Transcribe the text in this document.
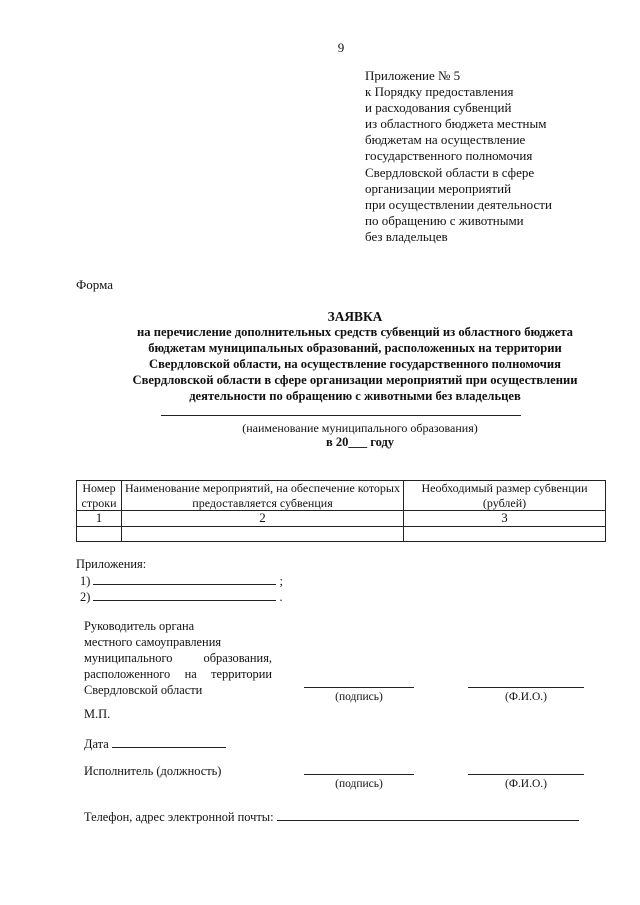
9
Приложение № 5
к Порядку предоставления
и расходования субвенций
из областного бюджета местным
бюджетам на осуществление
государственного полномочия
Свердловской области в сфере
организации мероприятий
при осуществлении деятельности
по обращению с животными
без владельцев
Форма
ЗАЯВКА
на перечисление дополнительных средств субвенций из областного бюджета
бюджетам муниципальных образований, расположенных на территории
Свердловской области, на осуществление государственного полномочия
Свердловской области в сфере организации мероприятий при осуществлении
деятельности по обращению с животными без владельцев
(наименование муниципального образования)
в 20___ году
Номер строки	Наименование мероприятий, на обеспечение которых предоставляется субвенция	Необходимый размер субвенции (рублей)
1	2	3

Приложения:
1)	;
2)	.
Руководитель органа
местного самоуправления
муниципального	образования,
расположенного на территории
Свердловской области	(подпись)	(Ф.И.О.)
М.П.
Дата
Исполнитель (должность)
(подпись)	(Ф.И.О.)
Телефон, адрес электронной почты:
